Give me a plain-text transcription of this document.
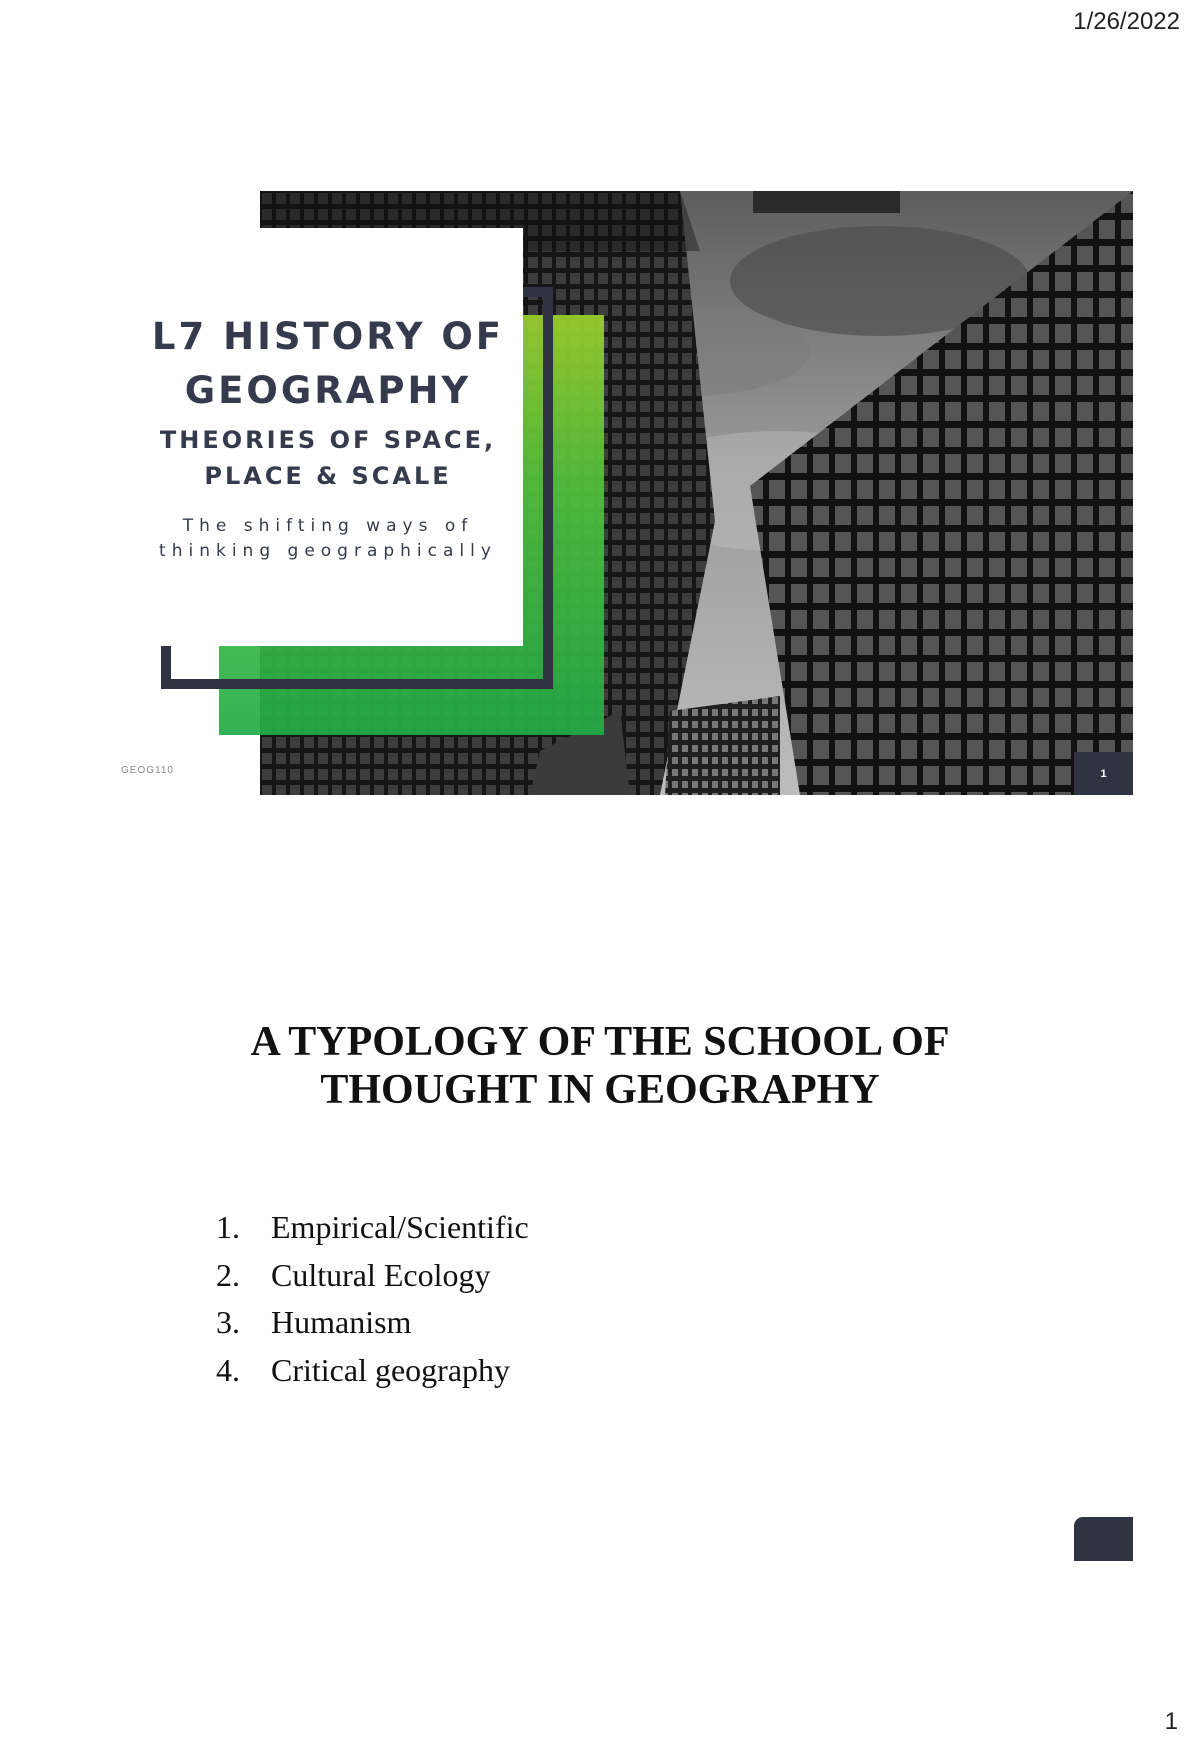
1/26/2022
L7 HISTORY OF
GEOGRAPHY
THEORIES OF SPACE,
PLACE & SCALE
The shifting ways of
thinking geographically
GEOG110	1
A TYPOLOGY OF THE SCHOOL OF
THOUGHT IN GEOGRAPHY
1. Empirical/Scientific
2. Cultural Ecology
3. Humanism
4. Critical geography
1
